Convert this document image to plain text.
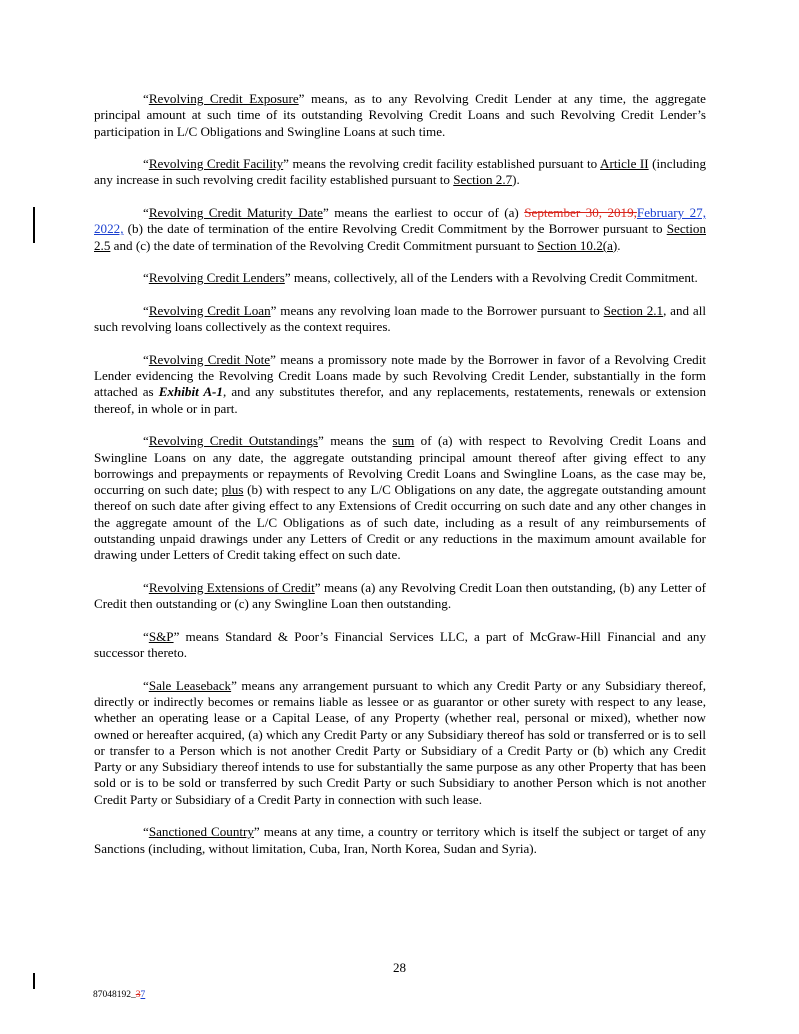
“Revolving Credit Exposure” means, as to any Revolving Credit Lender at any time, the aggregate principal amount at such time of its outstanding Revolving Credit Loans and such Revolving Credit Lender’s participation in L/C Obligations and Swingline Loans at such time.

“Revolving Credit Facility” means the revolving credit facility established pursuant to Article II (including any increase in such revolving credit facility established pursuant to Section 2.7).

“Revolving Credit Maturity Date” means the earliest to occur of (a) September 30, 2019,February 27, 2022, (b) the date of termination of the entire Revolving Credit Commitment by the Borrower pursuant to Section 2.5 and (c) the date of termination of the Revolving Credit Commitment pursuant to Section 10.2(a).

“Revolving Credit Lenders” means, collectively, all of the Lenders with a Revolving Credit Commitment.

“Revolving Credit Loan” means any revolving loan made to the Borrower pursuant to Section 2.1, and all such revolving loans collectively as the context requires.

“Revolving Credit Note” means a promissory note made by the Borrower in favor of a Revolving Credit Lender evidencing the Revolving Credit Loans made by such Revolving Credit Lender, substantially in the form attached as Exhibit A-1, and any substitutes therefor, and any replacements, restatements, renewals or extension thereof, in whole or in part.

“Revolving Credit Outstandings” means the sum of (a) with respect to Revolving Credit Loans and Swingline Loans on any date, the aggregate outstanding principal amount thereof after giving effect to any borrowings and prepayments or repayments of Revolving Credit Loans and Swingline Loans, as the case may be, occurring on such date; plus (b) with respect to any L/C Obligations on any date, the aggregate outstanding amount thereof on such date after giving effect to any Extensions of Credit occurring on such date and any other changes in the aggregate amount of the L/C Obligations as of such date, including as a result of any reimbursements of outstanding unpaid drawings under any Letters of Credit or any reductions in the maximum amount available for drawing under Letters of Credit taking effect on such date.

“Revolving Extensions of Credit” means (a) any Revolving Credit Loan then outstanding, (b) any Letter of Credit then outstanding or (c) any Swingline Loan then outstanding.

“S&P” means Standard & Poor’s Financial Services LLC, a part of McGraw-Hill Financial and any successor thereto.

“Sale Leaseback” means any arrangement pursuant to which any Credit Party or any Subsidiary thereof, directly or indirectly becomes or remains liable as lessee or as guarantor or other surety with respect to any lease, whether an operating lease or a Capital Lease, of any Property (whether real, personal or mixed), whether now owned or hereafter acquired, (a) which any Credit Party or any Subsidiary thereof has sold or transferred or is to sell or transfer to a Person which is not another Credit Party or Subsidiary of a Credit Party or (b) which any Credit Party or any Subsidiary thereof intends to use for substantially the same purpose as any other Property that has been sold or is to be sold or transferred by such Credit Party or such Subsidiary to another Person which is not another Credit Party or Subsidiary of a Credit Party in connection with such lease.

“Sanctioned Country” means at any time, a country or territory which is itself the subject or target of any Sanctions (including, without limitation, Cuba, Iran, North Korea, Sudan and Syria).

28
87048192_37
